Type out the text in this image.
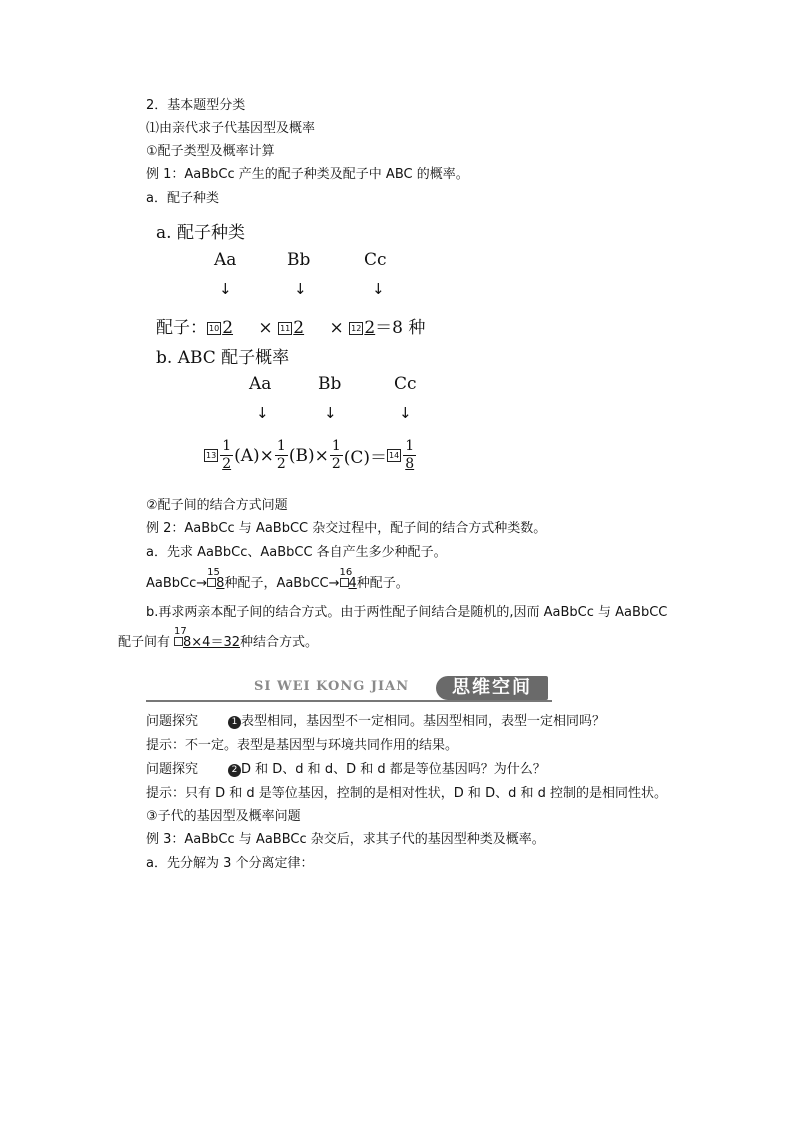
2．基本题型分类
⑴由亲代求子代基因型及概率
①配子类型及概率计算
例 1：AaBbCc 产生的配子种类及配子中 ABC 的概率。
a．配子种类
a. 配子种类
Aa	Bb	Cc
↓	↓	↓
配子： 10 2 × 11 2 × 12 2＝8 种
b. ABC 配子概率
Aa	Bb	Cc
↓	↓	↓
$13 \frac{1}{2} (A)\times \frac{1}{2} (B)\times \frac{1}{2} (C)= 14 \frac{1}{8}$
②配子间的结合方式问题
例 2：AaBbCc 与 AaBbCC 杂交过程中，配子间的结合方式种类数。
a．先求 AaBbCc、AaBbCC 各自产生多少种配子。
AaBbCc→
15
8种配子，AaBbCC→
16
4种配子。
b.再求两亲本配子间的结合方式。由于两性配子间结合是随机的,因而 AaBbCc 与 AaBbCC
配子间有
17
8×4＝32种结合方式。
SI WEI KONG JIAN	思维空间
问题探究	1 表型相同，基因型不一定相同。基因型相同，表型一定相同吗？
提示：不一定。表型是基因型与环境共同作用的结果。
问题探究	2 D 和 D、d 和 d、D 和 d 都是等位基因吗？为什么？
提示：只有 D 和 d 是等位基因，控制的是相对性状，D 和 D、d 和 d 控制的是相同性状。
③子代的基因型及概率问题
例 3：AaBbCc 与 AaBBCc 杂交后，求其子代的基因型种类及概率。
a．先分解为 3 个分离定律：
